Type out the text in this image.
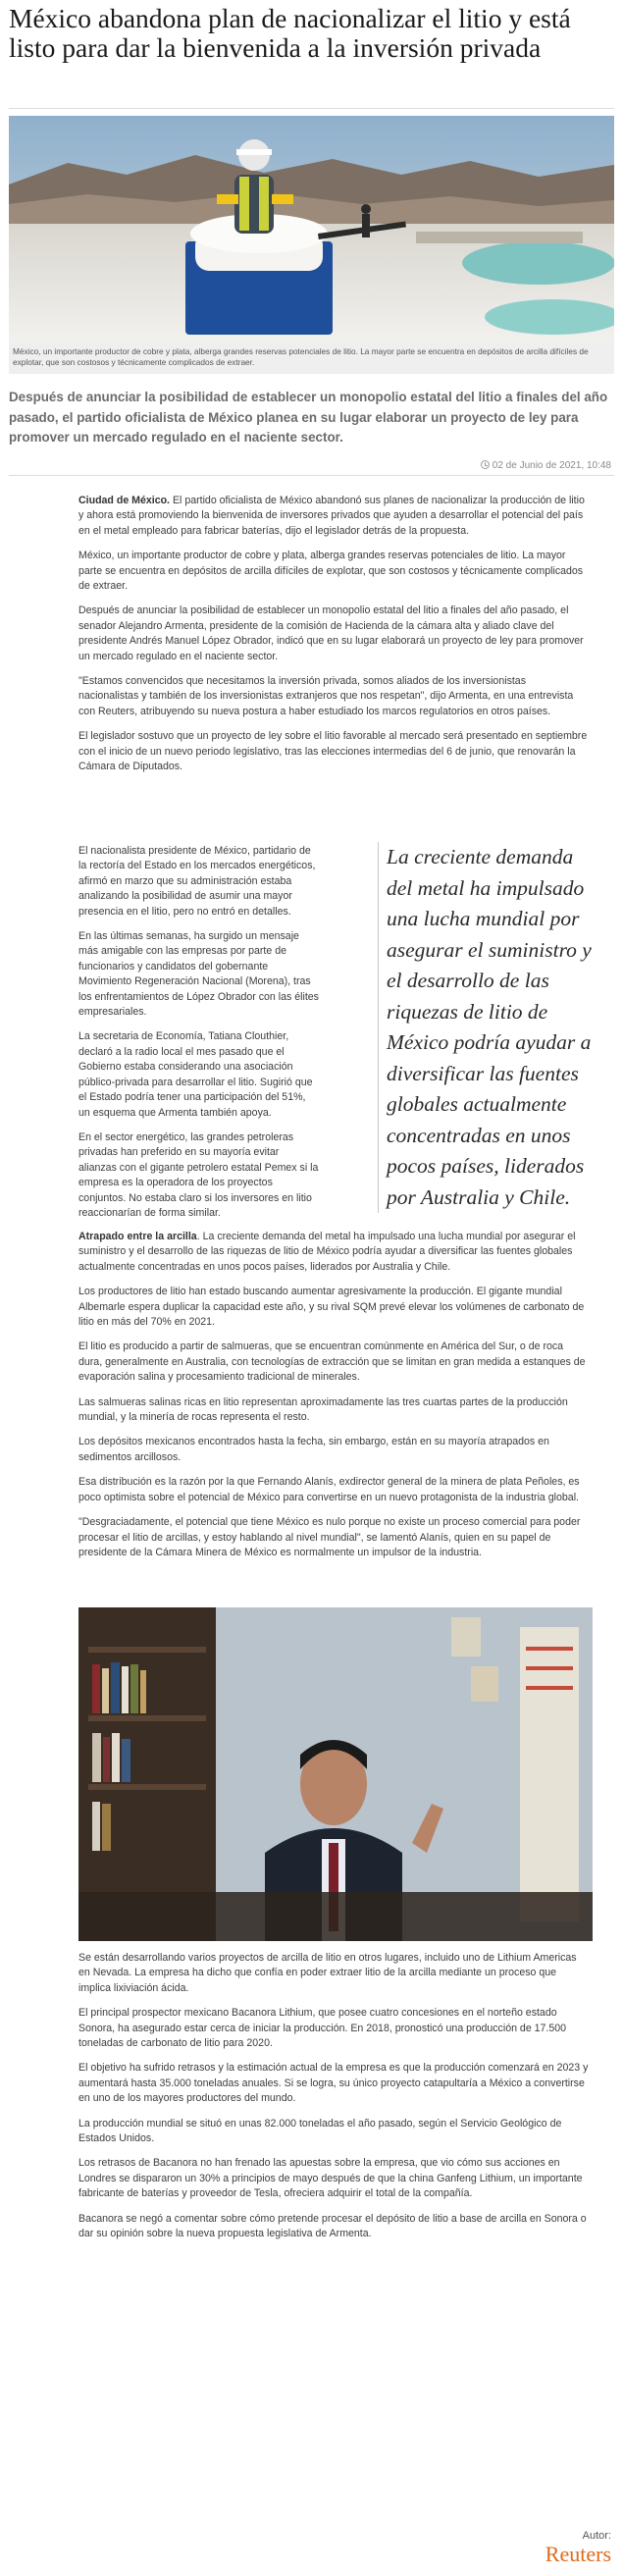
México abandona plan de nacionalizar el litio y está listo para dar la bienvenida a la inversión privada
México, un importante productor de cobre y plata, alberga grandes reservas potenciales de litio. La mayor parte se encuentra en depósitos de arcilla difíciles de explotar, que son costosos y técnicamente complicados de extraer.
Después de anunciar la posibilidad de establecer un monopolio estatal del litio a finales del año pasado, el partido oficialista de México planea en su lugar elaborar un proyecto de ley para promover un mercado regulado en el naciente sector.
02 de Junio de 2021, 10:48

Ciudad de México. El partido oficialista de México abandonó sus planes de nacionalizar la producción de litio y ahora está promoviendo la bienvenida de inversores privados que ayuden a desarrollar el potencial del país en el metal empleado para fabricar baterías, dijo el legislador detrás de la propuesta.

México, un importante productor de cobre y plata, alberga grandes reservas potenciales de litio. La mayor parte se encuentra en depósitos de arcilla difíciles de explotar, que son costosos y técnicamente complicados de extraer.

Después de anunciar la posibilidad de establecer un monopolio estatal del litio a finales del año pasado, el senador Alejandro Armenta, presidente de la comisión de Hacienda de la cámara alta y aliado clave del presidente Andrés Manuel López Obrador, indicó que en su lugar elaborará un proyecto de ley para promover un mercado regulado en el naciente sector.

"Estamos convencidos que necesitamos la inversión privada, somos aliados de los inversionistas nacionalistas y también de los inversionistas extranjeros que nos respetan", dijo Armenta, en una entrevista con Reuters, atribuyendo su nueva postura a haber estudiado los marcos regulatorios en otros países.

El legislador sostuvo que un proyecto de ley sobre el litio favorable al mercado será presentado en septiembre con el inicio de un nuevo periodo legislativo, tras las elecciones intermedias del 6 de junio, que renovarán la Cámara de Diputados.

El nacionalista presidente de México, partidario de la rectoría del Estado en los mercados energéticos, afirmó en marzo que su administración estaba analizando la posibilidad de asumir una mayor presencia en el litio, pero no entró en detalles.

En las últimas semanas, ha surgido un mensaje más amigable con las empresas por parte de funcionarios y candidatos del gobernante Movimiento Regeneración Nacional (Morena), tras los enfrentamientos de López Obrador con las élites empresariales.

La secretaria de Economía, Tatiana Clouthier, declaró a la radio local el mes pasado que el Gobierno estaba considerando una asociación público-privada para desarrollar el litio. Sugirió que el Estado podría tener una participación del 51%, un esquema que Armenta también apoya.

En el sector energético, las grandes petroleras privadas han preferido en su mayoría evitar alianzas con el gigante petrolero estatal Pemex si la empresa es la operadora de los proyectos conjuntos. No estaba claro si los inversores en litio reaccionarían de forma similar.

La creciente demanda del metal ha impulsado una lucha mundial por asegurar el suministro y el desarrollo de las riquezas de litio de México podría ayudar a diversificar las fuentes globales actualmente concentradas en unos pocos países, liderados por Australia y Chile.

Atrapado entre la arcilla. La creciente demanda del metal ha impulsado una lucha mundial por asegurar el suministro y el desarrollo de las riquezas de litio de México podría ayudar a diversificar las fuentes globales actualmente concentradas en unos pocos países, liderados por Australia y Chile.

Los productores de litio han estado buscando aumentar agresivamente la producción. El gigante mundial Albemarle espera duplicar la capacidad este año, y su rival SQM prevé elevar los volúmenes de carbonato de litio en más del 70% en 2021.

El litio es producido a partir de salmueras, que se encuentran comúnmente en América del Sur, o de roca dura, generalmente en Australia, con tecnologías de extracción que se limitan en gran medida a estanques de evaporación salina y procesamiento tradicional de minerales.

Las salmueras salinas ricas en litio representan aproximadamente las tres cuartas partes de la producción mundial, y la minería de rocas representa el resto.

Los depósitos mexicanos encontrados hasta la fecha, sin embargo, están en su mayoría atrapados en sedimentos arcillosos.

Esa distribución es la razón por la que Fernando Alanís, exdirector general de la minera de plata Peñoles, es poco optimista sobre el potencial de México para convertirse en un nuevo protagonista de la industria global.

"Desgraciadamente, el potencial que tiene México es nulo porque no existe un proceso comercial para poder procesar el litio de arcillas, y estoy hablando al nivel mundial", se lamentó Alanís, quien en su papel de presidente de la Cámara Minera de México es normalmente un impulsor de la industria.

Se están desarrollando varios proyectos de arcilla de litio en otros lugares, incluido uno de Lithium Americas en Nevada. La empresa ha dicho que confía en poder extraer litio de la arcilla mediante un proceso que implica lixiviación ácida.

El principal prospector mexicano Bacanora Lithium, que posee cuatro concesiones en el norteño estado Sonora, ha asegurado estar cerca de iniciar la producción. En 2018, pronosticó una producción de 17.500 toneladas de carbonato de litio para 2020.

El objetivo ha sufrido retrasos y la estimación actual de la empresa es que la producción comenzará en 2023 y aumentará hasta 35.000 toneladas anuales. Si se logra, su único proyecto catapultaría a México a convertirse en uno de los mayores productores del mundo.

La producción mundial se situó en unas 82.000 toneladas el año pasado, según el Servicio Geológico de Estados Unidos.

Los retrasos de Bacanora no han frenado las apuestas sobre la empresa, que vio cómo sus acciones en Londres se dispararon un 30% a principios de mayo después de que la china Ganfeng Lithium, un importante fabricante de baterías y proveedor de Tesla, ofreciera adquirir el total de la compañía.

Bacanora se negó a comentar sobre cómo pretende procesar el depósito de litio a base de arcilla en Sonora o dar su opinión sobre la nueva propuesta legislativa de Armenta.

Autor:
Reuters
